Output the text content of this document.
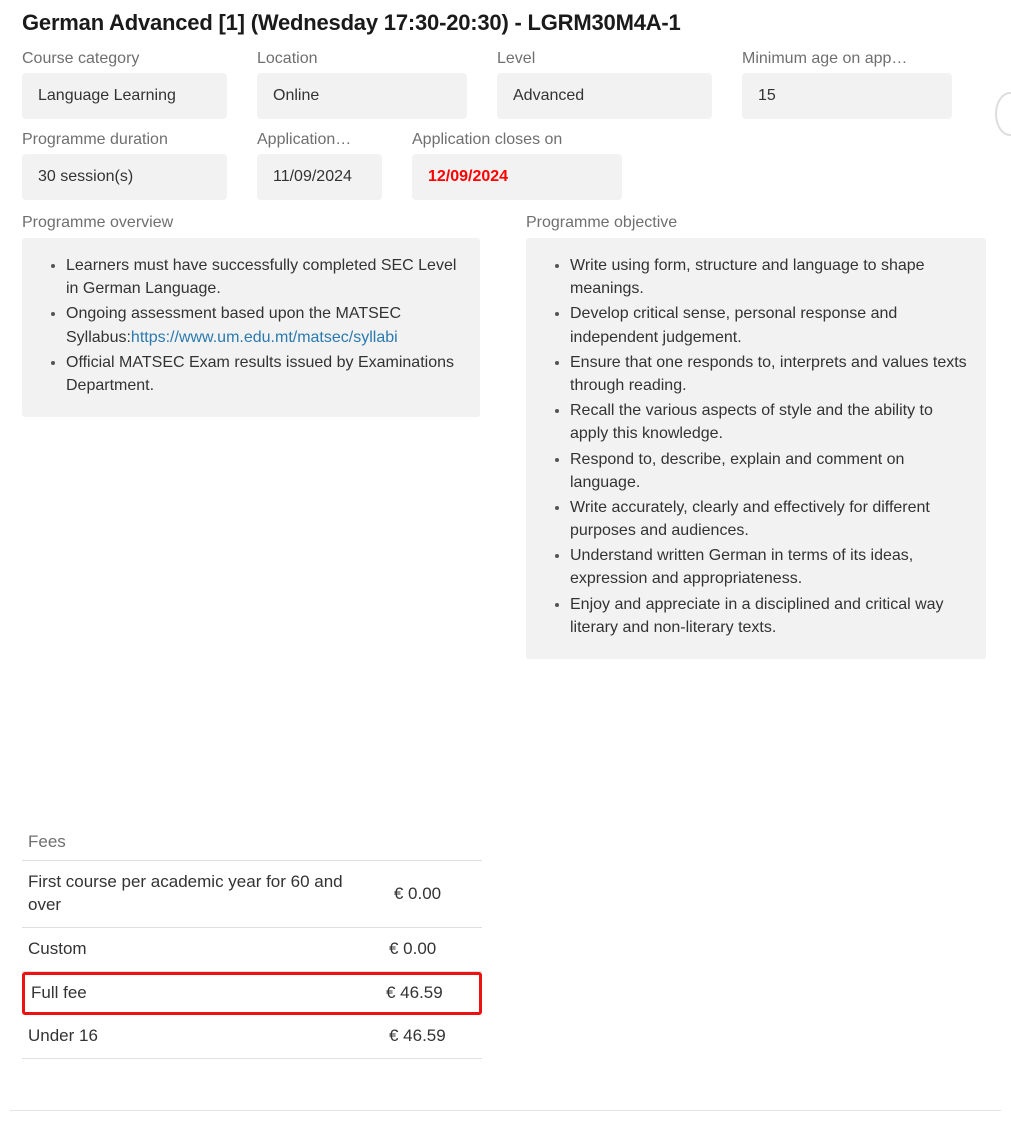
German Advanced [1] (Wednesday 17:30-20:30) - LGRM30M4A-1
Course category
Language Learning
Location
Online
Level
Advanced
Minimum age on app…
15
Programme duration
30 session(s)
Application…
11/09/2024
Application closes on
12/09/2024
Programme overview
• Learners must have successfully completed SEC Level in German Language.
• Ongoing assessment based upon the MATSEC Syllabus:https://www.um.edu.mt/matsec/syllabi
• Official MATSEC Exam results issued by Examinations Department.
Programme objective
• Write using form, structure and language to shape meanings.
• Develop critical sense, personal response and independent judgement.
• Ensure that one responds to, interprets and values texts through reading.
• Recall the various aspects of style and the ability to apply this knowledge.
• Respond to, describe, explain and comment on language.
• Write accurately, clearly and effectively for different purposes and audiences.
• Understand written German in terms of its ideas, expression and appropriateness.
• Enjoy and appreciate in a disciplined and critical way literary and non-literary texts.
Fees
First course per academic year for 60 and over
€ 0.00
Custom	€ 0.00
Full fee	€ 46.59
Under 16	€ 46.59
